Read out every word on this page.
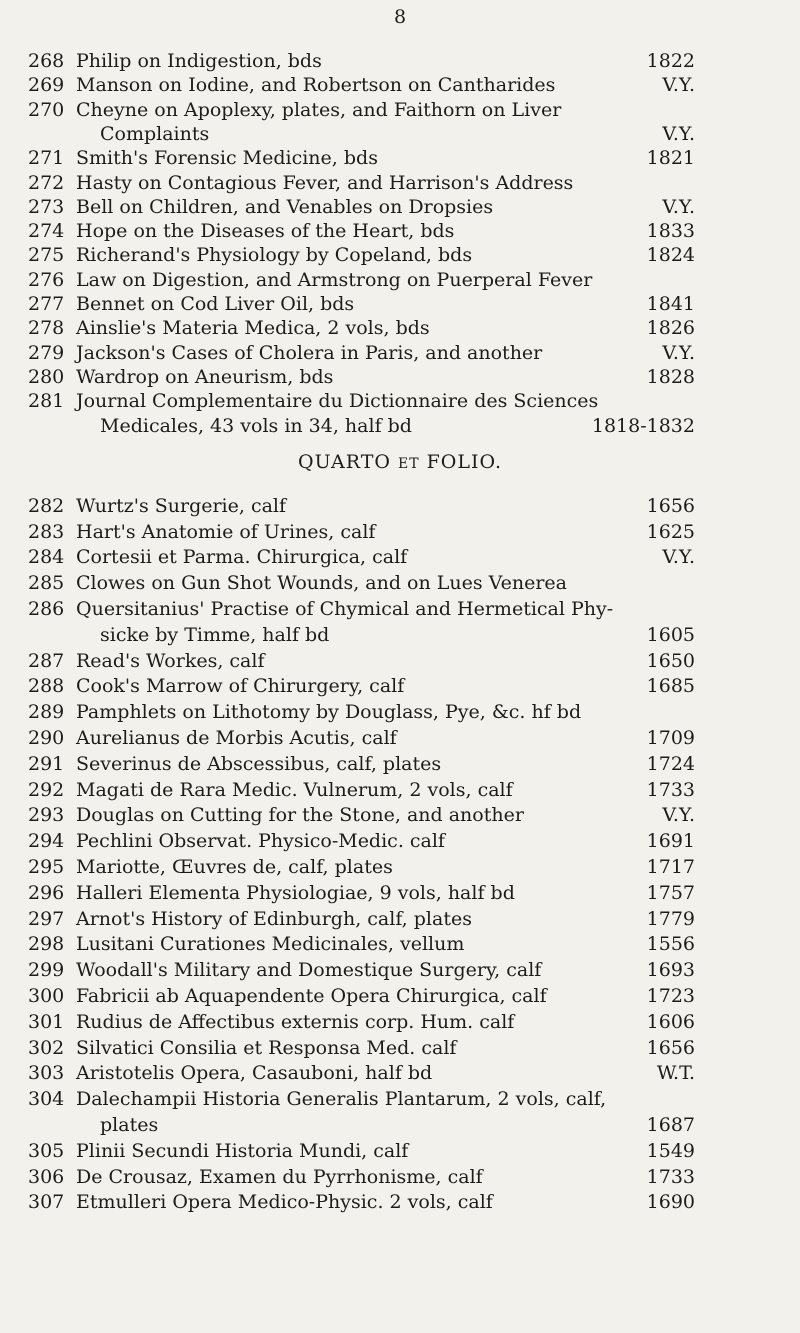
8
268 Philip on Indigestion, bds	1822
269 Manson on Iodine, and Robertson on Cantharides	V.Y.
270 Cheyne on Apoplexy, plates, and Faithorn on Liver
Complaints	V.Y.
271 Smith's Forensic Medicine, bds	1821
272 Hasty on Contagious Fever, and Harrison's Address
273 Bell on Children, and Venables on Dropsies	V.Y.
274 Hope on the Diseases of the Heart, bds	1833
275 Richerand's Physiology by Copeland, bds	1824
276 Law on Digestion, and Armstrong on Puerperal Fever
277 Bennet on Cod Liver Oil, bds	1841
278 Ainslie's Materia Medica, 2 vols, bds	1826
279 Jackson's Cases of Cholera in Paris, and another	V.Y.
280 Wardrop on Aneurism, bds	1828
281 Journal Complementaire du Dictionnaire des Sciences
Medicales, 43 vols in 34, half bd	1818-1832
QUARTO ET FOLIO.
282 Wurtz's Surgerie, calf	1656
283 Hart's Anatomie of Urines, calf	1625
284 Cortesii et Parma. Chirurgica, calf	V.Y.
285 Clowes on Gun Shot Wounds, and on Lues Venerea
286 Quersitanius' Practise of Chymical and Hermetical Phy-
sicke by Timme, half bd	1605
287 Read's Workes, calf	1650
288 Cook's Marrow of Chirurgery, calf	1685
289 Pamphlets on Lithotomy by Douglass, Pye, &c. hf bd
290 Aurelianus de Morbis Acutis, calf	1709
291 Severinus de Abscessibus, calf, plates	1724
292 Magati de Rara Medic. Vulnerum, 2 vols, calf	1733
293 Douglas on Cutting for the Stone, and another	V.Y.
294 Pechlini Observat. Physico-Medic. calf	1691
295 Mariotte, Œuvres de, calf, plates	1717
296 Halleri Elementa Physiologiae, 9 vols, half bd	1757
297 Arnot's History of Edinburgh, calf, plates	1779
298 Lusitani Curationes Medicinales, vellum	1556
299 Woodall's Military and Domestique Surgery, calf	1693
300 Fabricii ab Aquapendente Opera Chirurgica, calf	1723
301 Rudius de Affectibus externis corp. Hum. calf	1606
302 Silvatici Consilia et Responsa Med. calf	1656
303 Aristotelis Opera, Casauboni, half bd	W.T.
304 Dalechampii Historia Generalis Plantarum, 2 vols, calf,
plates	1687
305 Plinii Secundi Historia Mundi, calf	1549
306 De Crousaz, Examen du Pyrrhonisme, calf	1733
307 Etmulleri Opera Medico-Physic. 2 vols, calf	1690
